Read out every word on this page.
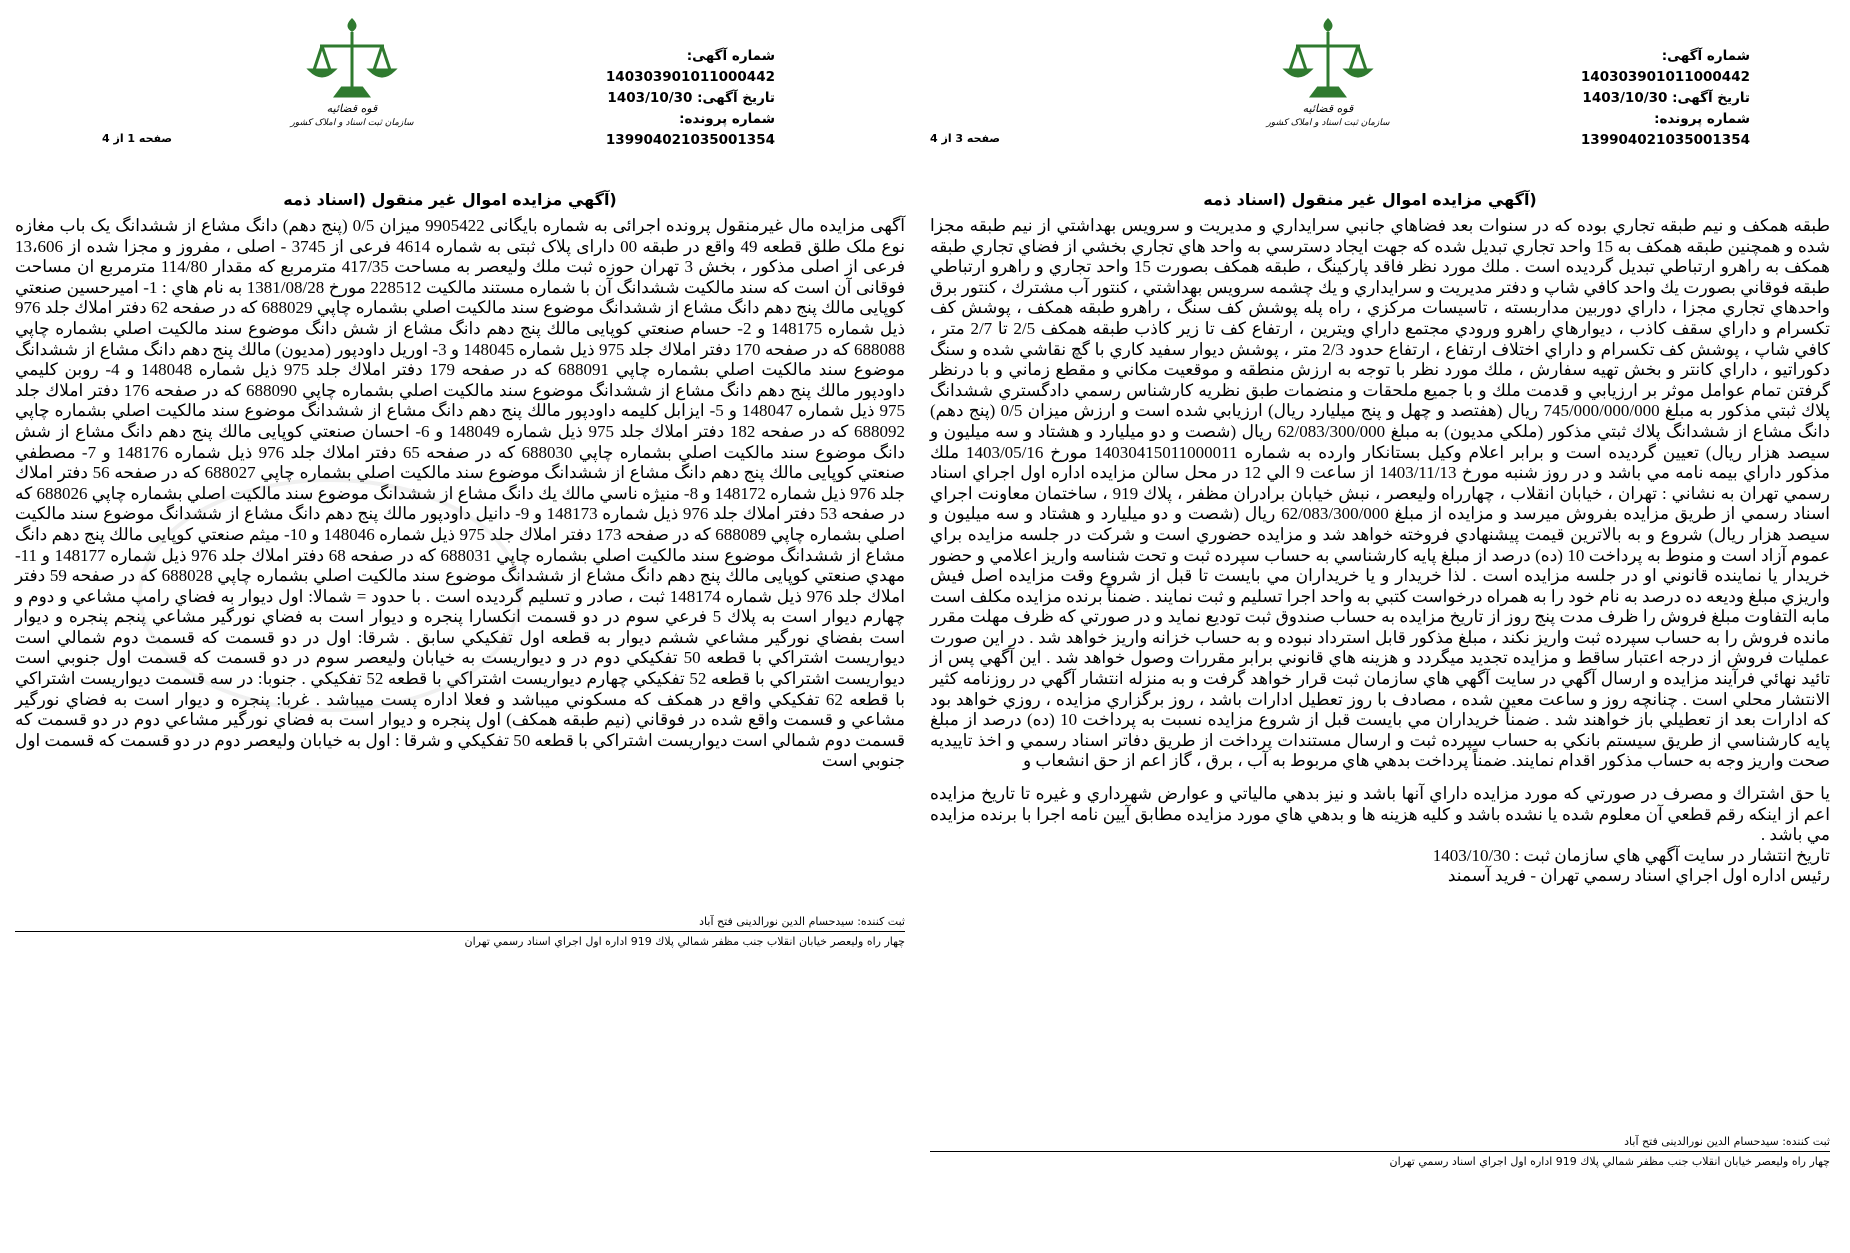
شماره آگهی: 140303901011000442
تاریخ آگهی: 1403/10/30
شماره پرونده: 139904021035001354
قوه قضائیه
سازمان ثبت اسناد و املاک کشور
صفحه 1 از 4
(آگهي مزايده اموال غير منقول (اسناد ذمه

آگهی مزایده مال غیرمنقول پرونده اجرائی به شماره بایگانی 9905422 میزان 0/5 (پنج دهم) دانگ مشاع از ششدانگ یک باب مغازه نوع ملک طلق قطعه 49 واقع در طبقه 00 دارای پلاک ثبتی به شماره 4614 فرعی از 3745 - اصلی ، مفروز و مجزا شده از 13،606 فرعی از اصلی مذکور ، بخش 3 تهران حوزه ثبت ملك وليعصر به مساحت 417/35 مترمربع كه مقدار 114/80 مترمربع ان مساحت فوقانی آن است که سند مالکیت ششدانگ آن با شماره مستند مالکیت 228512 مورخ 1381/08/28 به نام هاي : 1- امیرحسین صنعتي کوپایی مالك پنج دهم دانگ مشاع از ششدانگ موضوع سند مالکیت اصلي بشماره چاپي 688029 كه در صفحه 62 دفتر املاك جلد 976 ذيل شماره 148175 و 2- حسام صنعتي کوپایی مالك پنج دهم دانگ مشاع از شش دانگ موضوع سند مالکیت اصلي بشماره چاپي 688088 كه در صفحه 170 دفتر املاك جلد 975 ذیل شماره 148045 و 3- اوريل داودپور (مديون) مالك پنج دهم دانگ مشاع از ششدانگ موضوع سند مالکیت اصلي بشماره چاپي 688091 كه در صفحه 179 دفتر املاك جلد 975 ذيل شماره 148048 و 4- روبن كليمي داودپور مالك پنج دهم دانگ مشاع از ششدانگ موضوع سند مالکیت اصلي بشماره چاپي 688090 كه در صفحه 176 دفتر املاك جلد 975 ذيل شماره 148047 و 5- ايزابل كليمه داودپور مالك پنج دهم دانگ مشاع از ششدانگ موضوع سند مالکیت اصلي بشماره چاپي 688092 كه در صفحه 182 دفتر املاك جلد 975 ذيل شماره 148049 و 6- احسان صنعتي کوپایی مالك پنج دهم دانگ مشاع از شش دانگ موضوع سند مالکیت اصلي بشماره چاپي 688030 كه در صفحه 65 دفتر املاك جلد 976 ذيل شماره 148176 و 7- مصطفي صنعتي کوپایی مالك پنج دهم دانگ مشاع از ششدانگ موضوع سند مالکیت اصلي بشماره چاپي 688027 كه در صفحه 56 دفتر املاك جلد 976 ذيل شماره 148172 و 8- منيژه ناسي مالك يك دانگ مشاع از ششدانگ موضوع سند مالکیت اصلي بشماره چاپي 688026 كه در صفحه 53 دفتر املاك جلد 976 ذيل شماره 148173 و 9- دانيل داودپور مالك پنج دهم دانگ مشاع از ششدانگ موضوع سند مالکیت اصلي بشماره چاپي 688089 كه در صفحه 173 دفتر املاك جلد 975 ذيل شماره 148046 و 10- ميثم صنعتي کوپایی مالك پنج دهم دانگ مشاع از ششدانگ موضوع سند مالکیت اصلي بشماره چاپي 688031 كه در صفحه 68 دفتر املاك جلد 976 ذيل شماره 148177 و 11- مهدي صنعتي کوپایی مالك پنج دهم دانگ مشاع از ششدانگ موضوع سند مالکیت اصلي بشماره چاپي 688028 كه در صفحه 59 دفتر املاك جلد 976 ذيل شماره 148174 ثبت ، صادر و تسليم گرديده است . با حدود = شمالا: اول ديوار به فضاي رامپ مشاعي و دوم و چهارم ديوار است به پلاك 5 فرعي سوم در دو قسمت انكسارا پنجره و ديوار است به فضاي نورگير مشاعي پنجم پنجره و ديوار است بفضاي نورگير مشاعي ششم ديوار به قطعه اول تفكيكي سابق . شرقا: اول در دو قسمت كه قسمت دوم شمالي است ديواريست اشتراكي با قطعه 50 تفكيكي دوم در و ديواريست به خيابان وليعصر سوم در دو قسمت كه قسمت اول جنوبي است ديواريست اشتراكي با قطعه 52 تفكيكي چهارم ديواريست اشتراكي با قطعه 52 تفكيكي . جنوبا: در سه قسمت ديواريست اشتراكي با قطعه 62 تفكيكي واقع در همكف كه مسكوني ميباشد و فعلا اداره پست ميباشد . غربا: پنجره و ديوار است به فضاي نورگير مشاعي و قسمت واقع شده در فوقاني (نيم طبقه همكف) اول پنجره و ديوار است به فضاي نورگير مشاعي دوم در دو قسمت كه قسمت دوم شمالي است ديواريست اشتراكي با قطعه 50 تفكيكي و شرقا : اول به خيابان وليعصر دوم در دو قسمت كه قسمت اول جنوبي است

ثبت کننده: سیدحسام الدین نورالدینی فتح آباد
چهار راه وليعصر خيابان انقلاب جنب مظفر شمالي پلاك 919 اداره اول اجراي اسناد رسمي تهران
شماره آگهی: 140303901011000442
تاریخ آگهی: 1403/10/30
شماره پرونده: 139904021035001354
قوه قضائیه
سازمان ثبت اسناد و املاک کشور
صفحه 3 از 4
(آگهي مزايده اموال غير منقول (اسناد ذمه

طبقه همكف و نيم طبقه تجاري بوده كه در سنوات بعد فضاهاي جانبي سرايداري و مديريت و سرويس بهداشتي از نيم طبقه مجزا شده و همچنين طبقه همكف به 15 واحد تجاري تبديل شده كه جهت ايجاد دسترسي به واحد هاي تجاري بخشي از فضاي تجاري طبقه همكف به راهرو ارتباطي تبديل گرديده است . ملك مورد نظر فاقد پاركينگ ، طبقه همكف بصورت 15 واحد تجاري و راهرو ارتباطي طبقه فوقاني بصورت يك واحد كافي شاپ و دفتر مديريت و سرايداري و يك چشمه سرويس بهداشتي ، كنتور آب مشترك ، كنتور برق واحدهاي تجاري مجزا ، داراي دوربين مداربسته ، تاسيسات مركزي ، راه پله پوشش كف سنگ ، راهرو طبقه همكف ، پوشش كف تكسرام و داراي سقف كاذب ، ديوارهاي راهرو ورودي مجتمع داراي ويترين ، ارتفاع كف تا زير كاذب طبقه همكف 2/5 تا 2/7 متر ، كافي شاپ ، پوشش كف تكسرام و داراي اختلاف ارتفاع ، ارتفاع حدود 2/3 متر ، پوشش ديوار سفيد كاري با گچ نقاشي شده و سنگ دكوراتيو ، داراي كانتر و بخش تهيه سفارش ، ملك مورد نظر با توجه به ارزش منطقه و موقعيت مكاني و مقطع زماني و با درنظر گرفتن تمام عوامل موثر بر ارزيابي و قدمت ملك و با جميع ملحقات و منضمات طبق نظريه كارشناس رسمي دادگستري ششدانگ پلاك ثبتي مذكور به مبلغ 745/000/000/000 ريال (هفتصد و چهل و پنج ميليارد ريال) ارزيابي شده است و ارزش ميزان 0/5 (پنج دهم) دانگ مشاع از ششدانگ پلاك ثبتي مذكور (ملكي مديون) به مبلغ 62/083/300/000 ريال (شصت و دو ميليارد و هشتاد و سه ميليون و سيصد هزار ريال) تعيين گرديده است و برابر اعلام وكيل بستانكار وارده به شماره 14030415011000011 مورخ 1403/05/16 ملك مذكور داراي بيمه نامه مي باشد و در روز شنبه مورخ 1403/11/13 از ساعت 9 الي 12 در محل سالن مزايده اداره اول اجراي اسناد رسمي تهران به نشاني : تهران ، خيابان انقلاب ، چهارراه وليعصر ، نبش خيابان برادران مظفر ، پلاك 919 ، ساختمان معاونت اجراي اسناد رسمي از طريق مزايده بفروش ميرسد و مزايده از مبلغ 62/083/300/000 ريال (شصت و دو ميليارد و هشتاد و سه ميليون و سيصد هزار ريال) شروع و به بالاترين قيمت پيشنهادي فروخته خواهد شد و مزايده حضوري است و شركت در جلسه مزايده براي عموم آزاد است و منوط به پرداخت 10 (ده) درصد از مبلغ پايه كارشناسي به حساب سپرده ثبت و تحت شناسه واريز اعلامي و حضور خريدار يا نماينده قانوني او در جلسه مزايده است . لذا خريدار و يا خريداران مي بايست تا قبل از شروع وقت مزايده اصل فيش واريزي مبلغ وديعه ده درصد به نام خود را به همراه درخواست كتبي به واحد اجرا تسليم و ثبت نمايند . ضمناً برنده مزايده مكلف است مابه التفاوت مبلغ فروش را ظرف مدت پنج روز از تاريخ مزايده به حساب صندوق ثبت توديع نمايد و در صورتي كه ظرف مهلت مقرر مانده فروش را به حساب سپرده ثبت واريز نكند ، مبلغ مذكور قابل استرداد نبوده و به حساب خزانه واريز خواهد شد . در اين صورت عمليات فروش از درجه اعتبار ساقط و مزايده تجديد ميگردد و هزينه هاي قانوني برابر مقررات وصول خواهد شد . اين آگهي پس از تائيد نهائي فرآيند مزايده و ارسال آگهي در سايت آگهي هاي سازمان ثبت قرار خواهد گرفت و به منزله انتشار آگهي در روزنامه كثير الانتشار محلي است . چنانچه روز و ساعت معين شده ، مصادف با روز تعطيل ادارات باشد ، روز برگزاري مزايده ، روزي خواهد بود كه ادارات بعد از تعطيلي باز خواهند شد . ضمناً خريداران مي بايست قبل از شروع مزايده نسبت به پرداخت 10 (ده) درصد از مبلغ پايه كارشناسي از طريق سيستم بانكي به حساب سپرده ثبت و ارسال مستندات پرداخت از طريق دفاتر اسناد رسمي و اخذ تاييديه صحت واريز وجه به حساب مذكور اقدام نمايند. ضمناً پرداخت بدهي هاي مربوط به آب ، برق ، گاز اعم از حق انشعاب و

يا حق اشتراك و مصرف در صورتي كه مورد مزايده داراي آنها باشد و نيز بدهي مالياتي و عوارض شهرداري و غيره تا تاريخ مزايده اعم از اينكه رقم قطعي آن معلوم شده يا نشده باشد و كليه هزينه ها و بدهي هاي مورد مزايده مطابق آيين نامه اجرا با برنده مزايده مي باشد .

تاريخ انتشار در سايت آگهي هاي سازمان ثبت : 1403/10/30

رئيس اداره اول اجراي اسناد رسمي تهران - فريد آسمند

ثبت کننده: سیدحسام الدین نورالدینی فتح آباد
چهار راه وليعصر خيابان انقلاب جنب مظفر شمالي پلاك 919 اداره اول اجراي اسناد رسمي تهران
